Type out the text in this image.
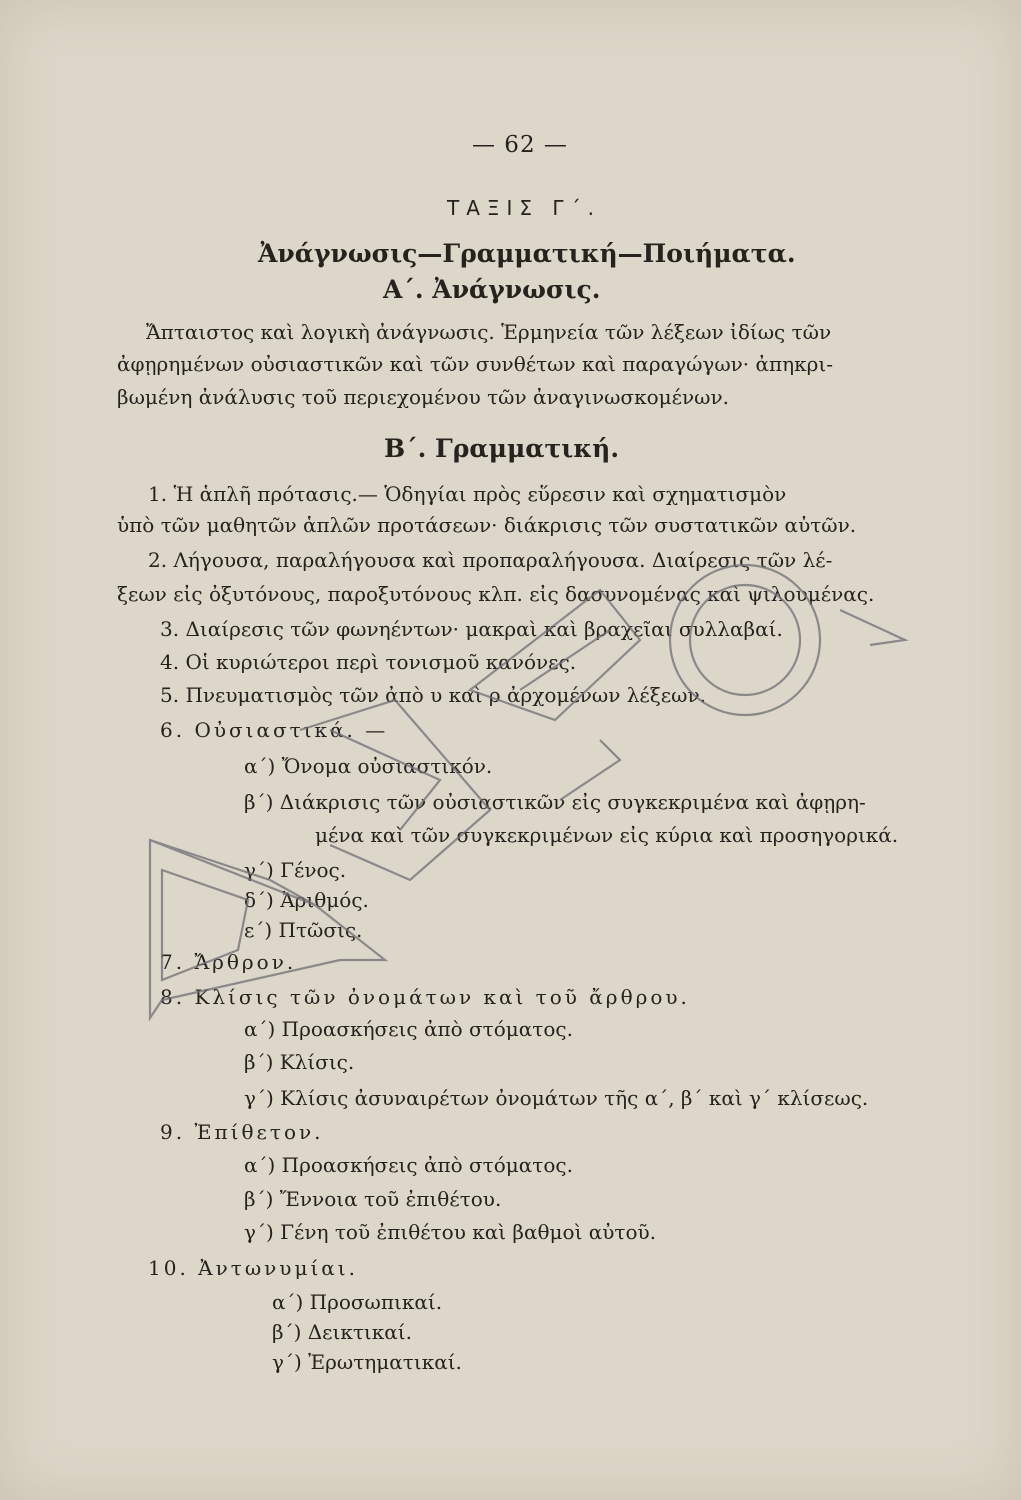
— 62 —
ΤΑΞΙΣ Γ΄.
Ἀνάγνωσις—Γραμματική—Ποιήματα.
Α΄. Ἀνάγνωσις.
Ἄπταιστος καὶ λογικὴ ἀνάγνωσις. Ἑρμηνεία τῶν λέξεων ἰδίως τῶν
ἀφῃρημένων οὐσιαστικῶν καὶ τῶν συνθέτων καὶ παραγώγων· ἀπηκρι-
βωμένη ἀνάλυσις τοῦ περιεχομένου τῶν ἀναγινωσκομένων.
Β΄. Γραμματική.
1. Ἡ ἁπλῆ πρότασις.— Ὁδηγίαι πρὸς εὕρεσιν καὶ σχηματισμὸν
ὑπὸ τῶν μαθητῶν ἁπλῶν προτάσεων· διάκρισις τῶν συστατικῶν αὐτῶν.
2. Λήγουσα, παραλήγουσα καὶ προπαραλήγουσα. Διαίρεσις τῶν λέ-
ξεων εἰς ὀξυτόνους, παροξυτόνους κλπ. εἰς δασυνομένας καὶ ψιλουμένας.
3. Διαίρεσις τῶν φωνηέντων· μακραὶ καὶ βραχεῖαι συλλαβαί.
4. Οἱ κυριώτεροι περὶ τονισμοῦ κανόνες.
5. Πνευματισμὸς τῶν ἀπὸ υ καὶ ρ ἀρχομένων λέξεων.
6. Οὐσιαστικά. —
α΄) Ὄνομα οὐσιαστικόν.
β΄) Διάκρισις τῶν οὐσιαστικῶν εἰς συγκεκριμένα καὶ ἀφῃρη-
μένα καὶ τῶν συγκεκριμένων εἰς κύρια καὶ προσηγορικά.
γ΄) Γένος.
δ΄) Ἀριθμός.
ε΄) Πτῶσις.
7. Ἄρθρον.
8. Κλίσις τῶν ὀνομάτων καὶ τοῦ ἄρθρου.
α΄) Προασκήσεις ἀπὸ στόματος.
β΄) Κλίσις.
γ΄) Κλίσις ἀσυναιρέτων ὀνομάτων τῆς α΄, β΄ καὶ γ΄ κλίσεως.
9. Ἐπίθετον.
α΄) Προασκήσεις ἀπὸ στόματος.
β΄) Ἔννοια τοῦ ἐπιθέτου.
γ΄) Γένη τοῦ ἐπιθέτου καὶ βαθμοὶ αὐτοῦ.
10. Ἀντωνυμίαι.
α΄) Προσωπικαί.
β΄) Δεικτικαί.
γ΄) Ἐρωτηματικαί.
